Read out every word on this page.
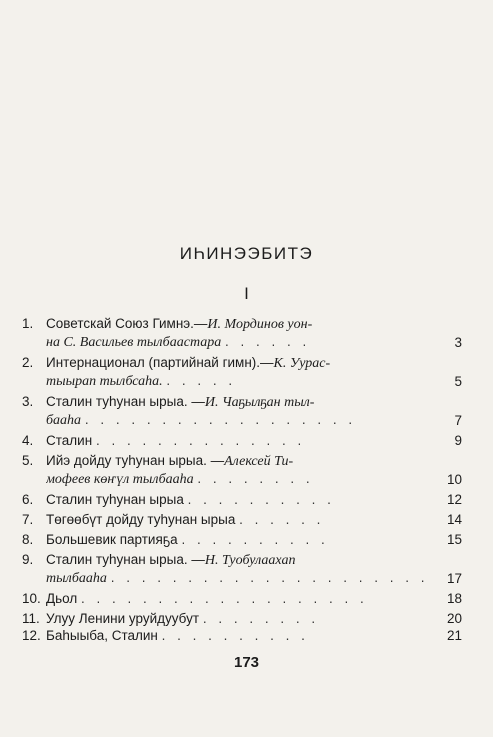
ИҺИНЭЭБИТЭ
I
1. Советскай Союз Гимнэ.—И. Мординов уон-
на С. Васильев тылбаастара . . . . . .	3
2. Интернационал (партийнай гимн).—К. Уурас-
тыырап тылбсаһа. . . . . .	5
3. Сталин туһунан ырыа. —И. Чаҕылҕан тыл-
бааһа . . . . . . . . . . . . . . . . . .	7
4. Сталин . . . . . . . . . . . . . .	9
5. Ийэ дойду туһунан ырыа. —Алексей Ти-
мофеев көҥүл тылбааһа . . . . . . . .	10
6. Сталин туһунан ырыа . . . . . . . . . .	12
7. Төгөөбүт дойду туһунан ырыа . . . . . .	14
8. Большевик партияҕа . . . . . . . . . .	15
9. Сталин туһунан ырыа. —Н. Туобулаахап
тылбааһа . . . . . . . . . . . . . . . . . . . . .	17
10. Дьол . . . . . . . . . . . . . . . . . . .	18
11. Улуу Ленини уруйдуубут . . . . . . . .	20
12. Баһыыба, Сталин . . . . . . . . . .	21
173
